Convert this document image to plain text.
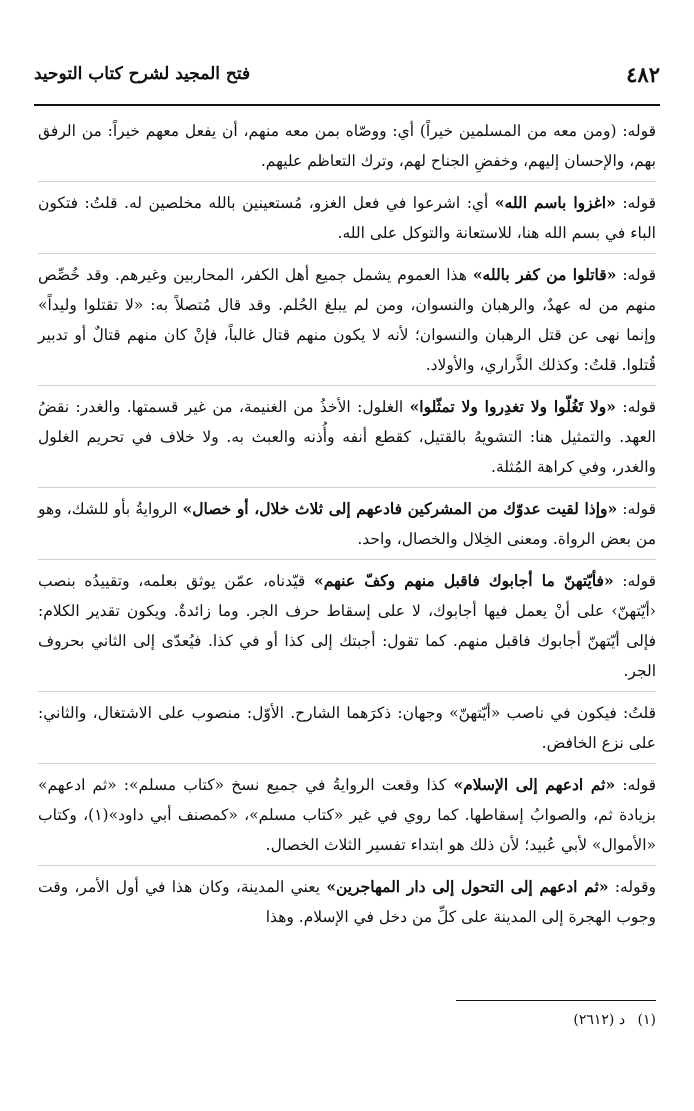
٤٨٢
فتح المجيد لشرح كتاب التوحيد

قوله: (ومن معه من المسلمين خيراً) أي: ووصّاه بمن معه منهم، أن يفعل معهم خيراً: من الرفق بهم، والإحسان إليهم، وخفضِ الجناح لهم، وترك التعاظم عليهم.

قوله: «اغزوا باسم الله» أي: اشرعوا في فعل الغزو، مُستعينين بالله مخلصين له. قلتُ: فتكون الباء في بسم الله هنا، للاستعانة والتوكل على الله.

قوله: «قاتلوا من كفر بالله» هذا العموم يشمل جميع أهل الكفر، المحاربين وغيرهم. وقد خُصِّص منهم من له عهدٌ، والرهبان والنسوان، ومن لم يبلغ الحُلم. وقد قال مُتصلاً به: «لا تقتلوا وليداً» وإنما نهى عن قتل الرهبان والنسوان؛ لأنه لا يكون منهم قتال غالباً، فإنْ كان منهم قتالٌ أو تدبير قُتلوا. قلتُ: وكذلك الذَّراري، والأولاد.

قوله: «ولا تَغُلّوا ولا تغدِروا ولا تمثّلوا» الغلول: الأخذُ من الغنيمة، من غير قسمتها. والغدر: نقضُ العهد. والتمثيل هنا: التشويهُ بالقتيل، كقطع أنفه وأُذنه والعبث به. ولا خلاف في تحريم الغلول والغدر، وفي كراهة المُثلة.

قوله: «وإذا لقيت عدوّك من المشركين فادعهم إلى ثلاث خلال، أو خصال» الروايةُ بأو للشك، وهو من بعض الرواة. ومعنى الخِلال والخصال، واحد.

قوله: «فأيّتهنّ ما أجابوك فاقبل منهم وكفّ عنهم» قيّدناه، عمّن يوثق بعلمه، وتقييدُه بنصب ‹أيّتهنّ› على أنْ يعمل فيها أجابوك، لا على إسقاط حرف الجر. وما زائدةٌ. ويكون تقدير الكلام: فإلى أيّتهنّ أجابوك فاقبل منهم. كما تقول: أجبتك إلى كذا أو في كذا. فيُعدّى إلى الثاني بحروف الجر.

قلتُ: فيكون في ناصب «أيّتهنّ» وجهان: ذكرَهما الشارح. الأوّل: منصوب على الاشتغال، والثاني: على نزع الخافض.

قوله: «ثم ادعهم إلى الإسلام» كذا وقعت الروايةُ في جميع نسخ «كتاب مسلم»: «ثم ادعهم» بزيادة ثم، والصوابُ إسقاطها. كما روي في غير «كتاب مسلم»، «كمصنف أبي داود»(١)، وكتاب «الأموال» لأبي عُبيد؛ لأن ذلك هو ابتداء تفسير الثلاث الخصال.

وقوله: «ثم ادعهم إلى التحول إلى دار المهاجرين» يعني المدينة، وكان هذا في أول الأمر، وقت وجوب الهجرة إلى المدينة على كلِّ من دخل في الإسلام. وهذا

(١) د (٢٦١٢)
